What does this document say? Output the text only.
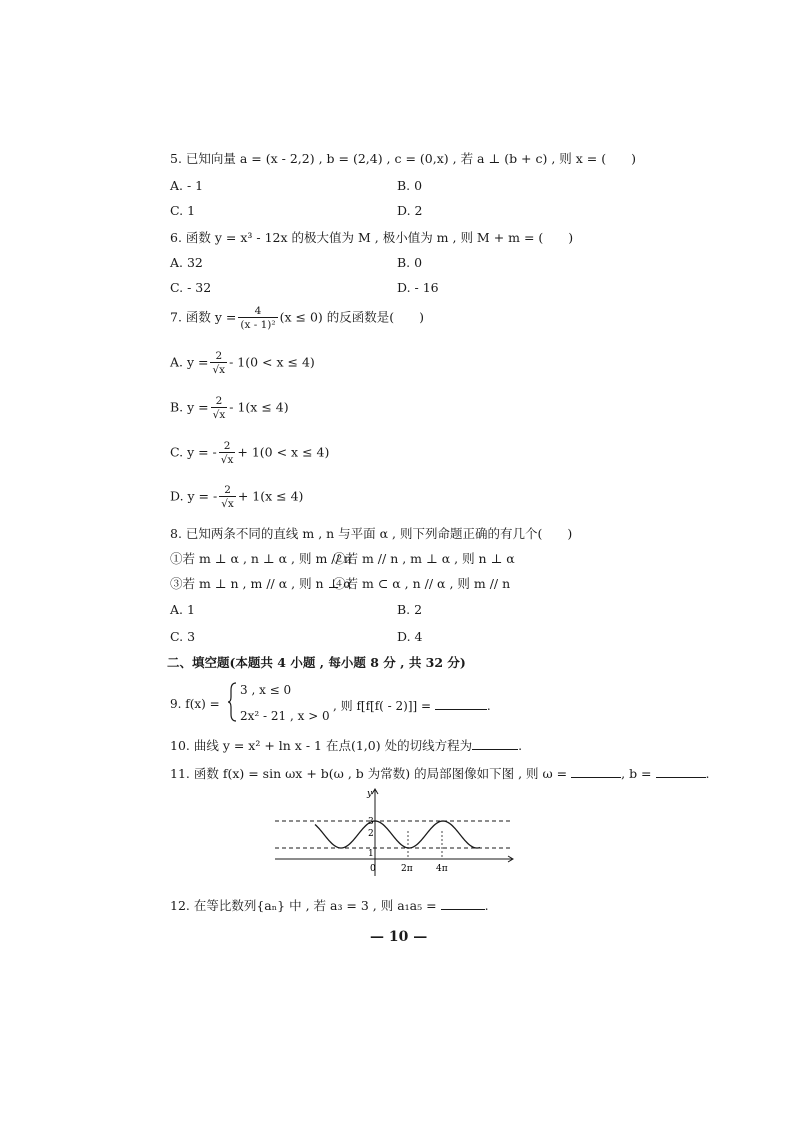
5. 已知向量 a = (x - 2,2) , b = (2,4) , c = (0,x) , 若 a ⊥ (b + c) , 则 x = (　　)
A. - 1	B. 0
C. 1	D. 2
6. 函数 y = x³ - 12x 的极大值为 M , 极小值为 m , 则 M + m = (　　)
A. 32	B. 0
C. - 32	D. - 16
7. 函数 $y = \frac{4}{\text{(x - 1)²}} (x \le 0)$ 的反函数是(　　)
A. $y = \frac{2}{√x} - 1(0 < x \le 4)$
B. $y = \frac{2}{√x} - 1(x \le 4)$
C. y = - $\frac{2}{√x} + 1(0 < x \le 4)$
D. y = - $\frac{2}{√x} + 1(x \le 4)$
8. 已知两条不同的直线 m , n 与平面 α , 则下列命题正确的有几个(　　)
①若 m ⊥ α , n ⊥ α , 则 m // n
②若 m // n , m ⊥ α , 则 n ⊥ α
③若 m ⊥ n , m // α , 则 n ⊥ α
④若 m ⊂ α , n // α , 则 m // n
A. 1	B. 2
C. 3	D. 4
二、填空题(本题共 4 小题 , 每小题 8 分 , 共 32 分)
9. f(x) =
3 , x ≤ 0
2x² - 21 , x > 0
, 则 f[f[f( - 2)]] =	.
10. 曲线 y = x² + ln x - 1 在点(1,0) 处的切线方程为	.
11. 函数 f(x) = sin ωx + b(ω , b 为常数) 的局部图像如下图 , 则 ω =	, b =	.
y
3
2
1
0	2π	4π
12. 在等比数列{aₙ} 中 , 若 a₃ = 3 , 则 a₁a₅ =	.
— 10 —
